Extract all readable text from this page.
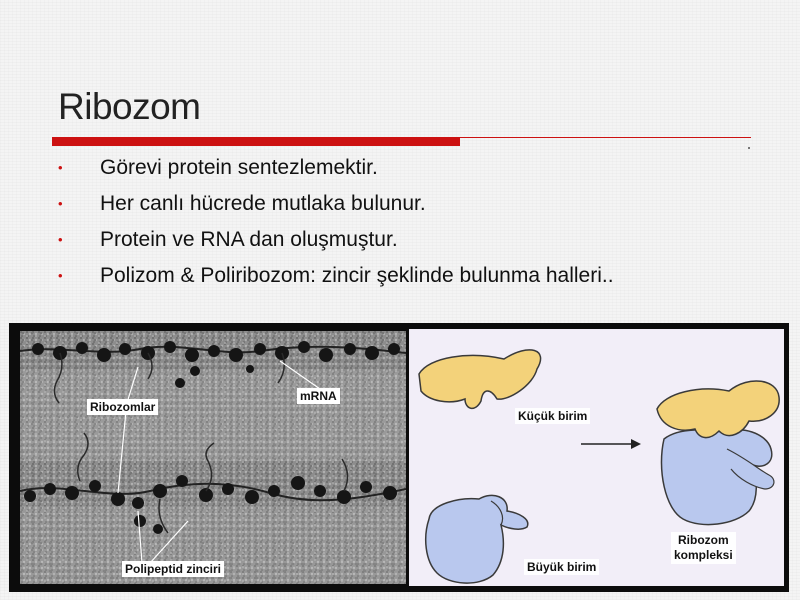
Ribozom
• Görevi protein sentezlemektir.
• Her canlı hücrede mutlaka bulunur.
• Protein ve RNA dan oluşmuştur.
• Polizom & Poliribozom: zincir şeklinde bulunma halleri..
Ribozomlar
mRNA
Polipeptid zinciri
Küçük birim
Büyük birim
Ribozom
kompleksi
